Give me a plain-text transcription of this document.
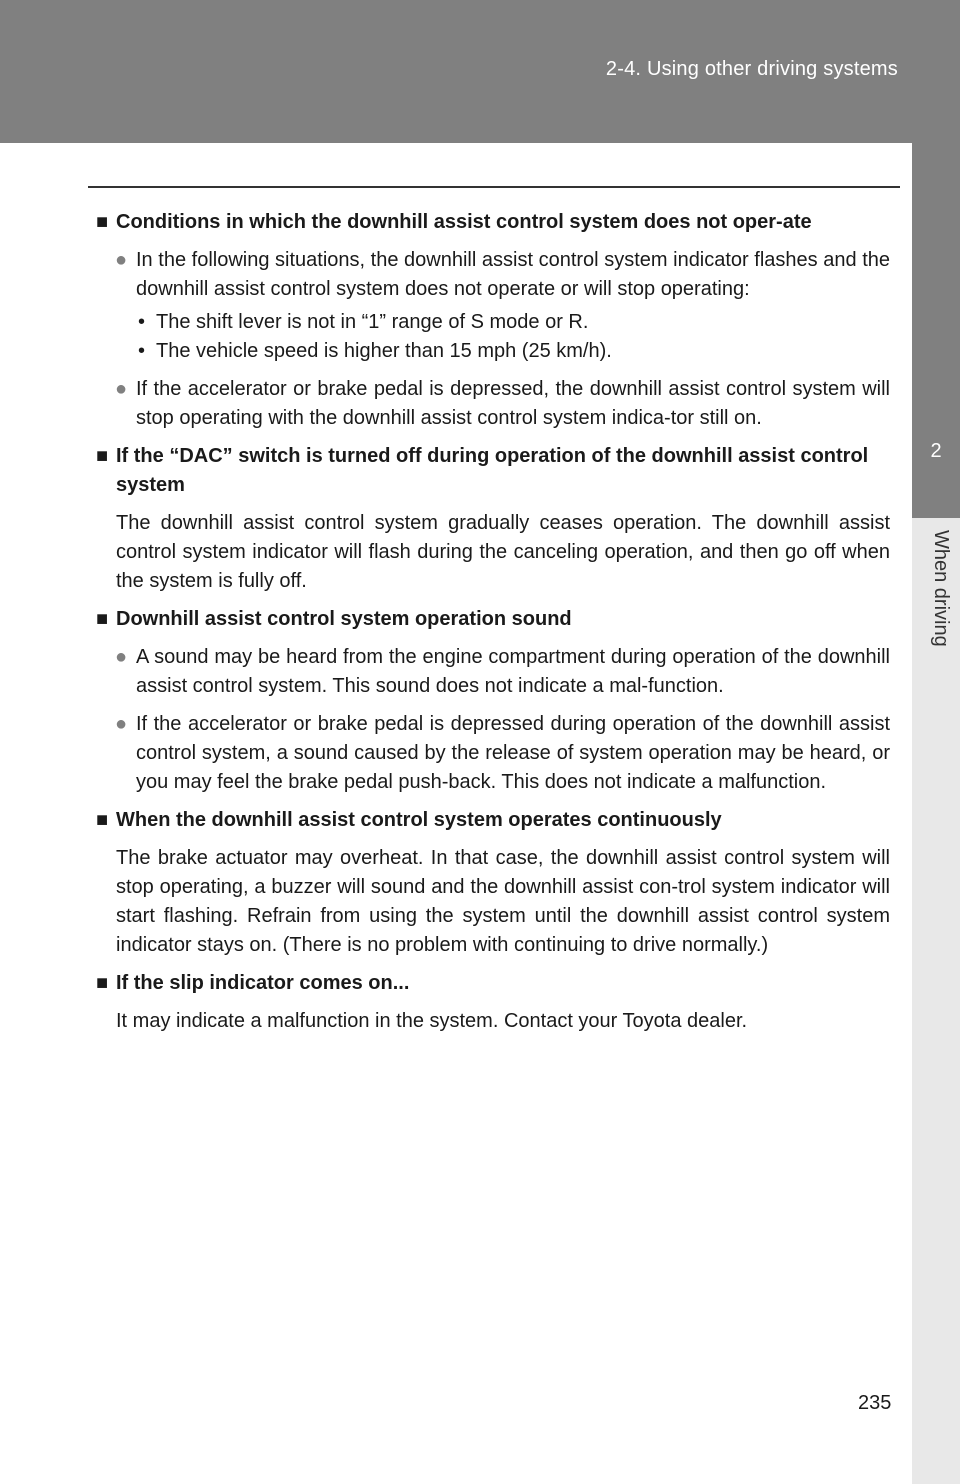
2-4. Using other driving systems
2
When driving
■ Conditions in which the downhill assist control system does not oper-ate
● In the following situations, the downhill assist control system indicator flashes and the downhill assist control system does not operate or will stop operating:
• The shift lever is not in “1” range of S mode or R.
• The vehicle speed is higher than 15 mph (25 km/h).
● If the accelerator or brake pedal is depressed, the downhill assist control system will stop operating with the downhill assist control system indica-tor still on.
■ If the “DAC” switch is turned off during operation of the downhill assist control system
The downhill assist control system gradually ceases operation. The downhill assist control system indicator will flash during the canceling operation, and then go off when the system is fully off.
■ Downhill assist control system operation sound
● A sound may be heard from the engine compartment during operation of the downhill assist control system. This sound does not indicate a mal-function.
● If the accelerator or brake pedal is depressed during operation of the downhill assist control system, a sound caused by the release of system operation may be heard, or you may feel the brake pedal push-back. This does not indicate a malfunction.
■ When the downhill assist control system operates continuously
The brake actuator may overheat. In that case, the downhill assist control system will stop operating, a buzzer will sound and the downhill assist con-trol system indicator will start flashing. Refrain from using the system until the downhill assist control system indicator stays on. (There is no problem with continuing to drive normally.)
■ If the slip indicator comes on...
It may indicate a malfunction in the system. Contact your Toyota dealer.
235
